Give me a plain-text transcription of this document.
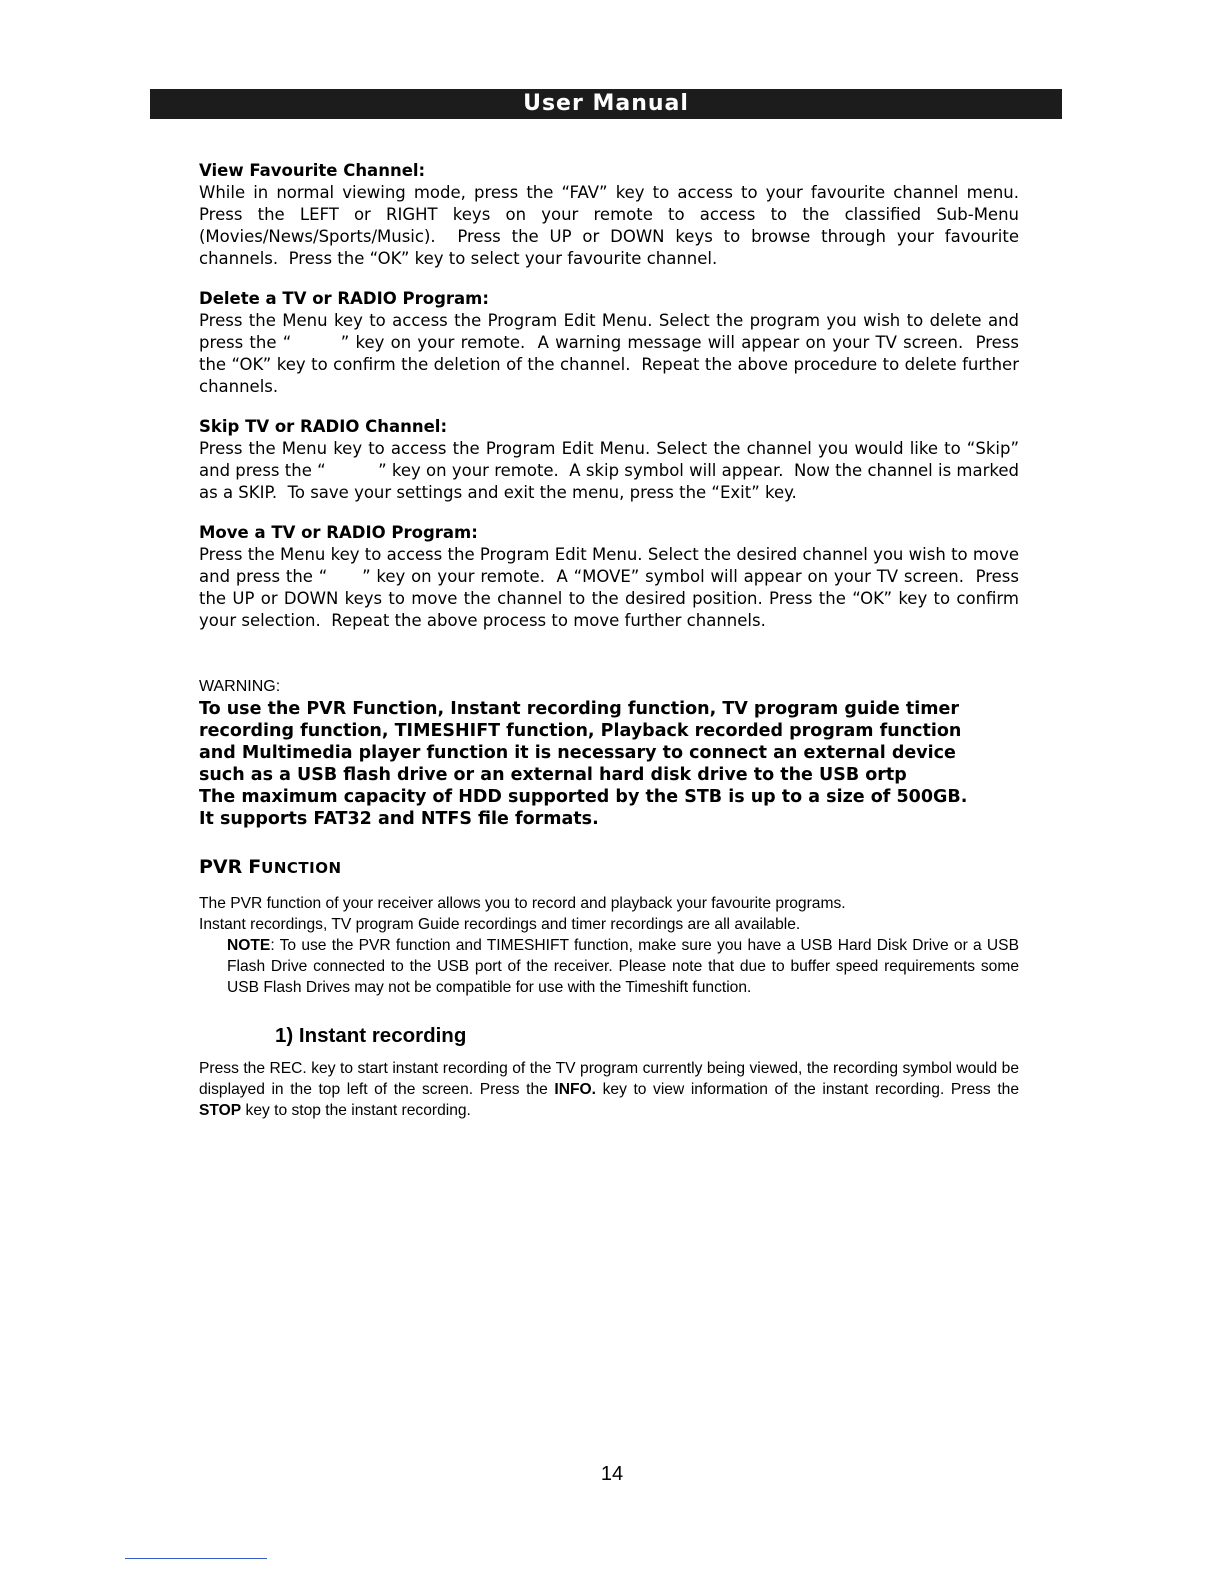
User Manual
View Favourite Channel:
While in normal viewing mode, press the “FAV” key to access to your favourite channel menu.  Press the LEFT or RIGHT keys on your remote to access to the classified Sub-Menu (Movies/News/Sports/Music).  Press the UP or DOWN keys to browse through your favourite channels.  Press the “OK” key to select your favourite channel.
Delete a TV or RADIO Program:
Press the Menu key to access the Program Edit Menu. Select the program you wish to delete and press the “        ” key on your remote.  A warning message will appear on your TV screen.  Press the “OK” key to confirm the deletion of the channel.  Repeat the above procedure to delete further channels.
Skip TV or RADIO Channel:
Press the Menu key to access the Program Edit Menu. Select the channel you would like to “Skip” and press the “          ” key on your remote.  A skip symbol will appear.  Now the channel is marked as a SKIP.  To save your settings and exit the menu, press the “Exit” key.
Move a TV or RADIO Program:
Press the Menu key to access the Program Edit Menu. Select the desired channel you wish to move and press the “      ” key on your remote.  A “MOVE” symbol will appear on your TV screen.  Press the UP or DOWN keys to move the channel to the desired position. Press the “OK” key to confirm your selection.  Repeat the above process to move further channels.
WARNING:
To use the PVR Function, Instant recording function, TV program guide timer
recording function, TIMESHIFT function, Playback recorded program function
and Multimedia player function it is necessary to connect an external device
such as a USB flash drive or an external hard disk drive to the USB ortp
The maximum capacity of HDD supported by the STB is up to a size of 500GB.
It supports FAT32 and NTFS file formats.
PVR FUNCTION
The PVR function of your receiver allows you to record and playback your favourite programs.
Instant recordings, TV program Guide recordings and timer recordings are all available.
NOTE: To use the PVR function and TIMESHIFT function, make sure you have a USB Hard Disk Drive or a USB Flash Drive connected to the USB port of the receiver. Please note that due to buffer speed requirements some USB Flash Drives may not be compatible for use with the Timeshift function.
1) Instant recording
Press the REC. key to start instant recording of the TV program currently being viewed, the recording symbol would be displayed in the top left of the screen. Press the INFO. key to view information of the instant recording. Press the STOP key to stop the instant recording.
14
